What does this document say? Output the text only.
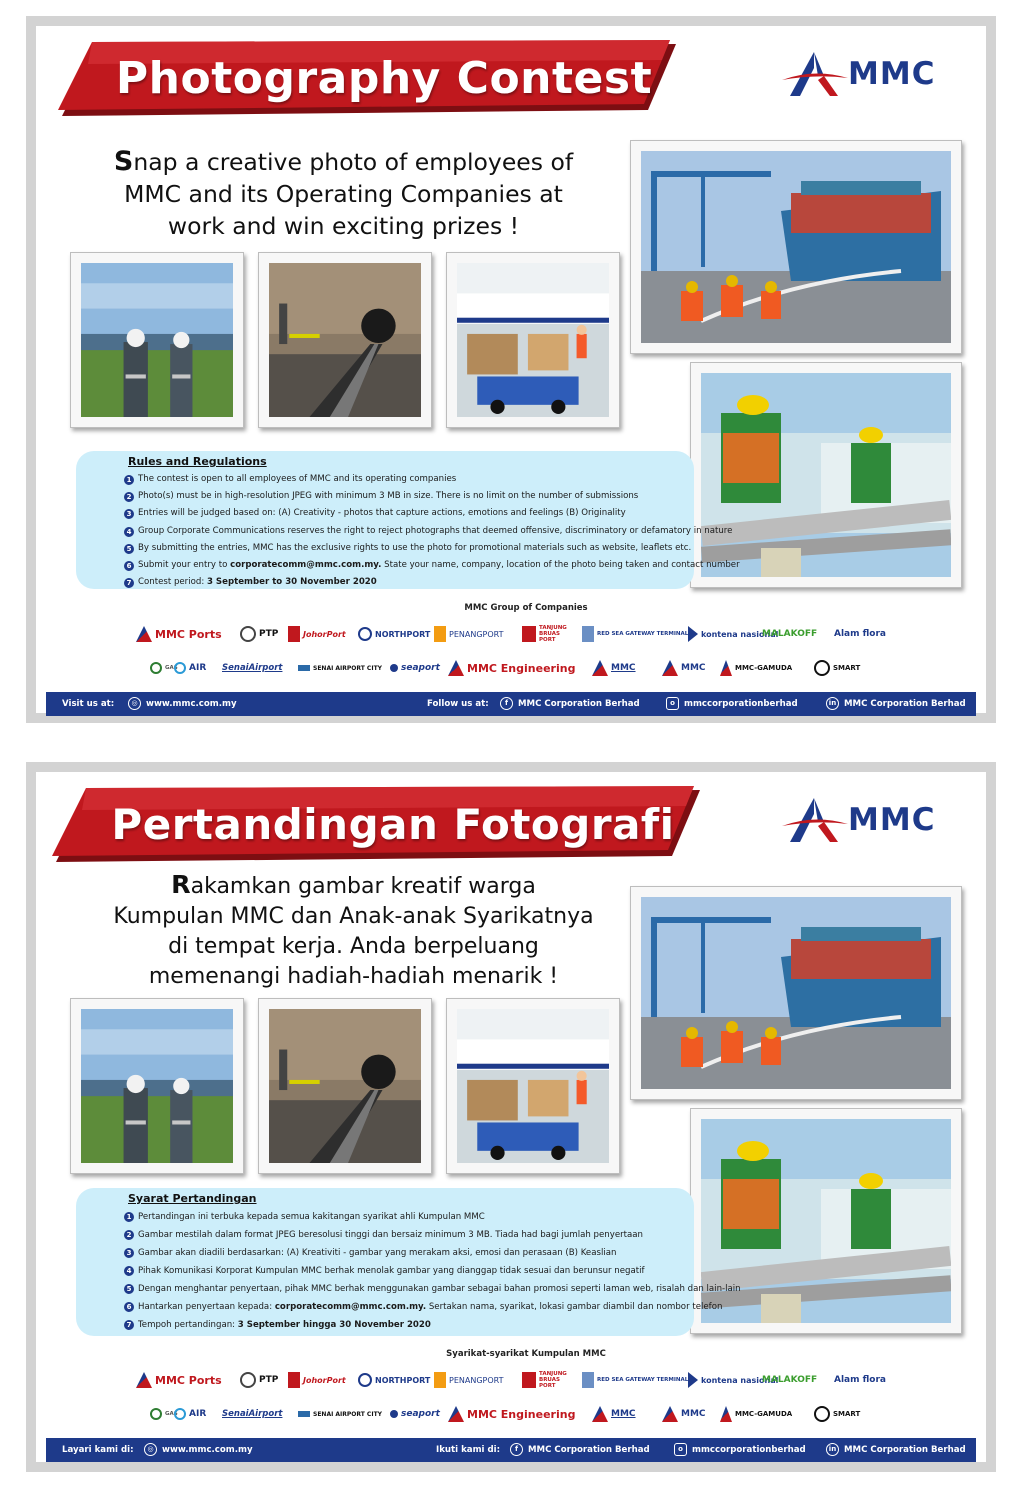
Photography Contest	MMC
Snap a creative photo of employees of
MMC and its Operating Companies at
work and win exciting prizes !
Rules and Regulations
1 The contest is open to all employees of MMC and its operating companies
2 Photo(s) must be in high-resolution JPEG with minimum 3 MB in size. There is no limit on the number of submissions
3 Entries will be judged based on: (A) Creativity - photos that capture actions, emotions and feelings (B) Originality
4 Group Corporate Communications reserves the right to reject photographs that deemed offensive, discriminatory or defamatory in nature
5 By submitting the entries, MMC has the exclusive rights to use the photo for promotional materials such as website, leaflets etc.
6 Submit your entry to corporatecomm@mmc.com.my. State your name, company, location of the photo being taken and contact number
7 Contest period: 3 September to 30 November 2020
MMC Group of Companies
MMC Ports	PTP	JohorPort	NORTHPORT PENANGPORT
TANJUNG BRUAS PORT
RED SEA GATEWAY TERMINAL kontena nasional
MALAKOFF Alam flora
GAS AIR SenaiAirport	SENAI AIRPORT CITY seaport MMC Engineering	MMC	MMC	MMC-GAMUDA	SMART
Visit us at:	◎ www.mmc.com.my	Follow us at:	f MMC Corporation Berhad	o mmccorporationberhad	in MMC Corporation Berhad
Pertandingan Fotografi	MMC
Rakamkan gambar kreatif warga
Kumpulan MMC dan Anak-anak Syarikatnya
di tempat kerja. Anda berpeluang
memenangi hadiah-hadiah menarik !
Syarat Pertandingan
1 Pertandingan ini terbuka kepada semua kakitangan syarikat ahli Kumpulan MMC
2 Gambar mestilah dalam format JPEG beresolusi tinggi dan bersaiz minimum 3 MB. Tiada had bagi jumlah penyertaan
3 Gambar akan diadili berdasarkan: (A) Kreativiti - gambar yang merakam aksi, emosi dan perasaan (B) Keaslian
4 Pihak Komunikasi Korporat Kumpulan MMC berhak menolak gambar yang dianggap tidak sesuai dan berunsur negatif
5 Dengan menghantar penyertaan, pihak MMC berhak menggunakan gambar sebagai bahan promosi seperti laman web, risalah dan lain-lain
6 Hantarkan penyertaan kepada: corporatecomm@mmc.com.my. Sertakan nama, syarikat, lokasi gambar diambil dan nombor telefon
7 Tempoh pertandingan: 3 September hingga 30 November 2020
Syarikat-syarikat Kumpulan MMC
MMC Ports	PTP	JohorPort	NORTHPORT PENANGPORT
TANJUNG BRUAS PORT
RED SEA GATEWAY TERMINAL kontena nasional
MALAKOFF Alam flora
GAS AIR SenaiAirport	SENAI AIRPORT CITY seaport MMC Engineering	MMC	MMC	MMC-GAMUDA	SMART
Layari kami di:	◎ www.mmc.com.my	Ikuti kami di:	f MMC Corporation Berhad	o mmccorporationberhad	in MMC Corporation Berhad
